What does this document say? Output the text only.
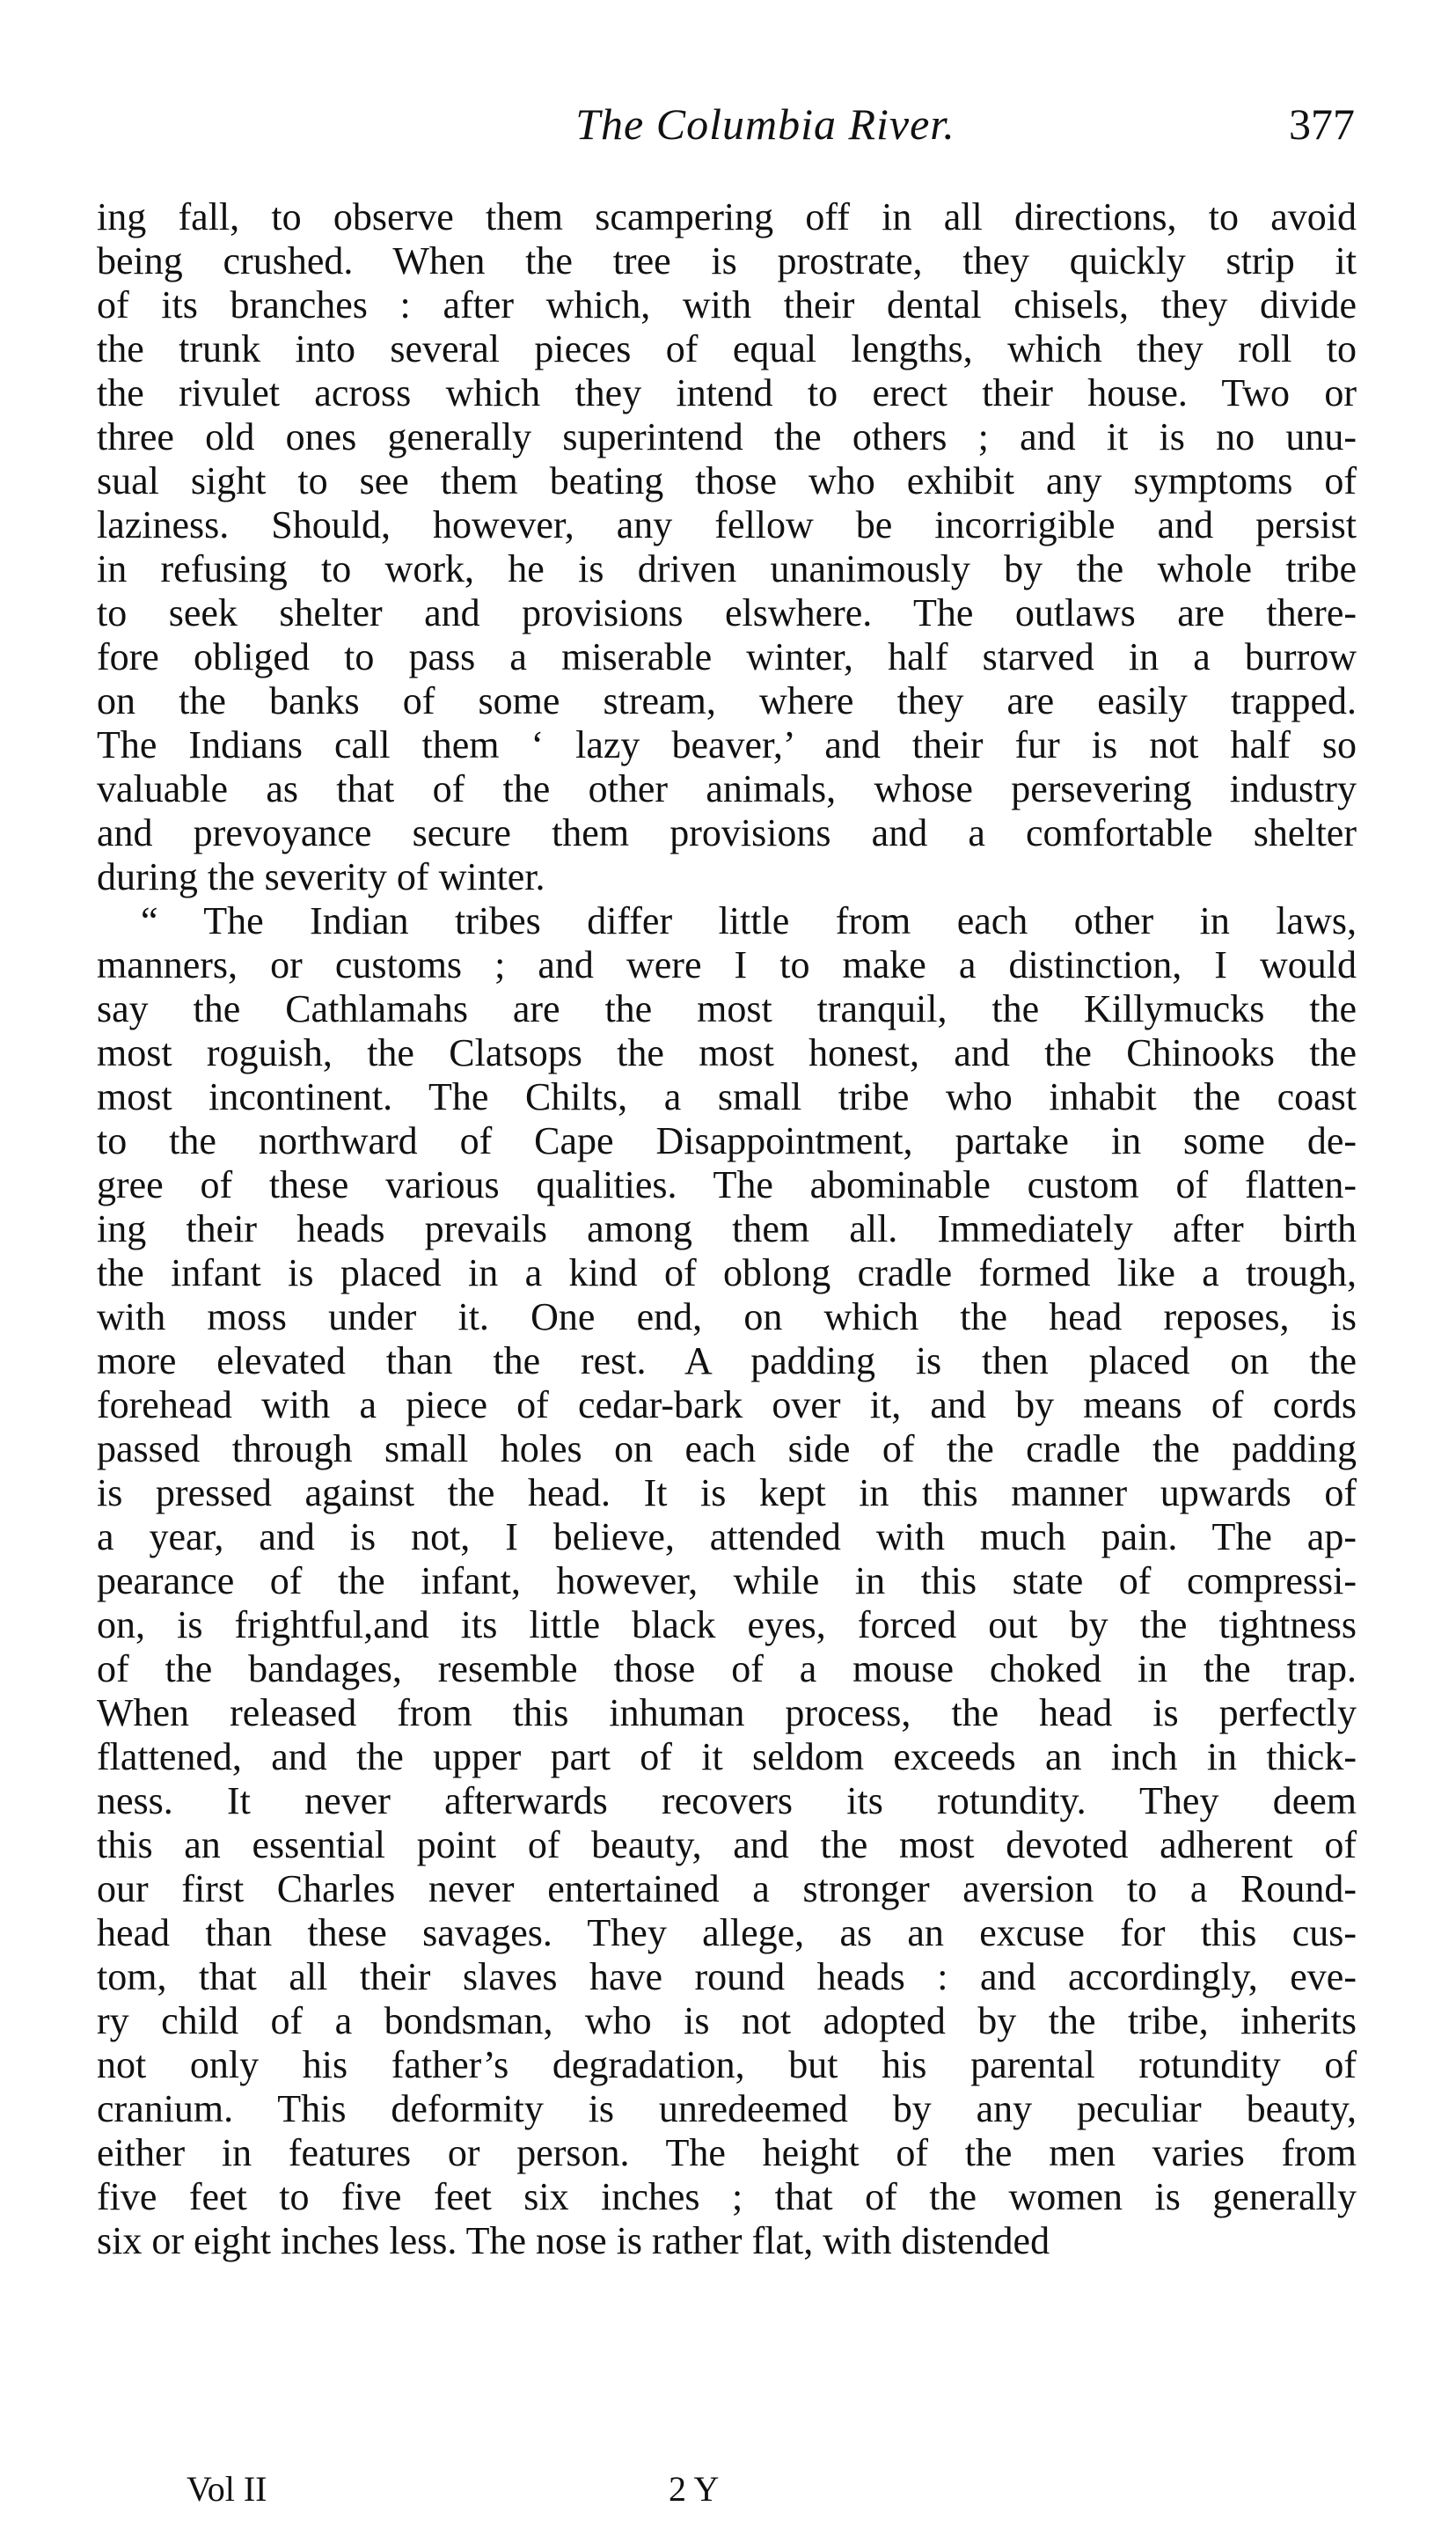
The Columbia River.	377
ing fall, to observe them scampering off in all directions, to avoid
being crushed. When the tree is prostrate, they quickly strip it
of its branches : after which, with their dental chisels, they divide
the trunk into several pieces of equal lengths, which they roll to
the rivulet across which they intend to erect their house. Two or
three old ones generally superintend the others ; and it is no unu-
sual sight to see them beating those who exhibit any symptoms of
laziness. Should, however, any fellow be incorrigible and persist
in refusing to work, he is driven unanimously by the whole tribe
to seek shelter and provisions elswhere. The outlaws are there-
fore obliged to pass a miserable winter, half starved in a burrow
on the banks of some stream, where they are easily trapped.
The Indians call them ‘ lazy beaver,’ and their fur is not half so
valuable as that of the other animals, whose persevering industry
and prevoyance secure them provisions and a comfortable shelter
during the severity of winter.
“ The Indian tribes differ little from each other in laws,
manners, or customs ; and were I to make a distinction, I would
say the Cathlamahs are the most tranquil, the Killymucks the
most roguish, the Clatsops the most honest, and the Chinooks the
most incontinent. The Chilts, a small tribe who inhabit the coast
to the northward of Cape Disappointment, partake in some de-
gree of these various qualities. The abominable custom of flatten-
ing their heads prevails among them all. Immediately after birth
the infant is placed in a kind of oblong cradle formed like a trough,
with moss under it. One end, on which the head reposes, is
more elevated than the rest. A padding is then placed on the
forehead with a piece of cedar-bark over it, and by means of cords
passed through small holes on each side of the cradle the padding
is pressed against the head. It is kept in this manner upwards of
a year, and is not, I believe, attended with much pain. The ap-
pearance of the infant, however, while in this state of compressi-
on, is frightful,and its little black eyes, forced out by the tightness
of the bandages, resemble those of a mouse choked in the trap.
When released from this inhuman process, the head is perfectly
flattened, and the upper part of it seldom exceeds an inch in thick-
ness. It never afterwards recovers its rotundity. They deem
this an essential point of beauty, and the most devoted adherent of
our first Charles never entertained a stronger aversion to a Round-
head than these savages. They allege, as an excuse for this cus-
tom, that all their slaves have round heads : and accordingly, eve-
ry child of a bondsman, who is not adopted by the tribe, inherits
not only his father’s degradation, but his parental rotundity of
cranium. This deformity is unredeemed by any peculiar beauty,
either in features or person. The height of the men varies from
five feet to five feet six inches ; that of the women is generally
six or eight inches less. The nose is rather flat, with distended
Vol II	2 Y
